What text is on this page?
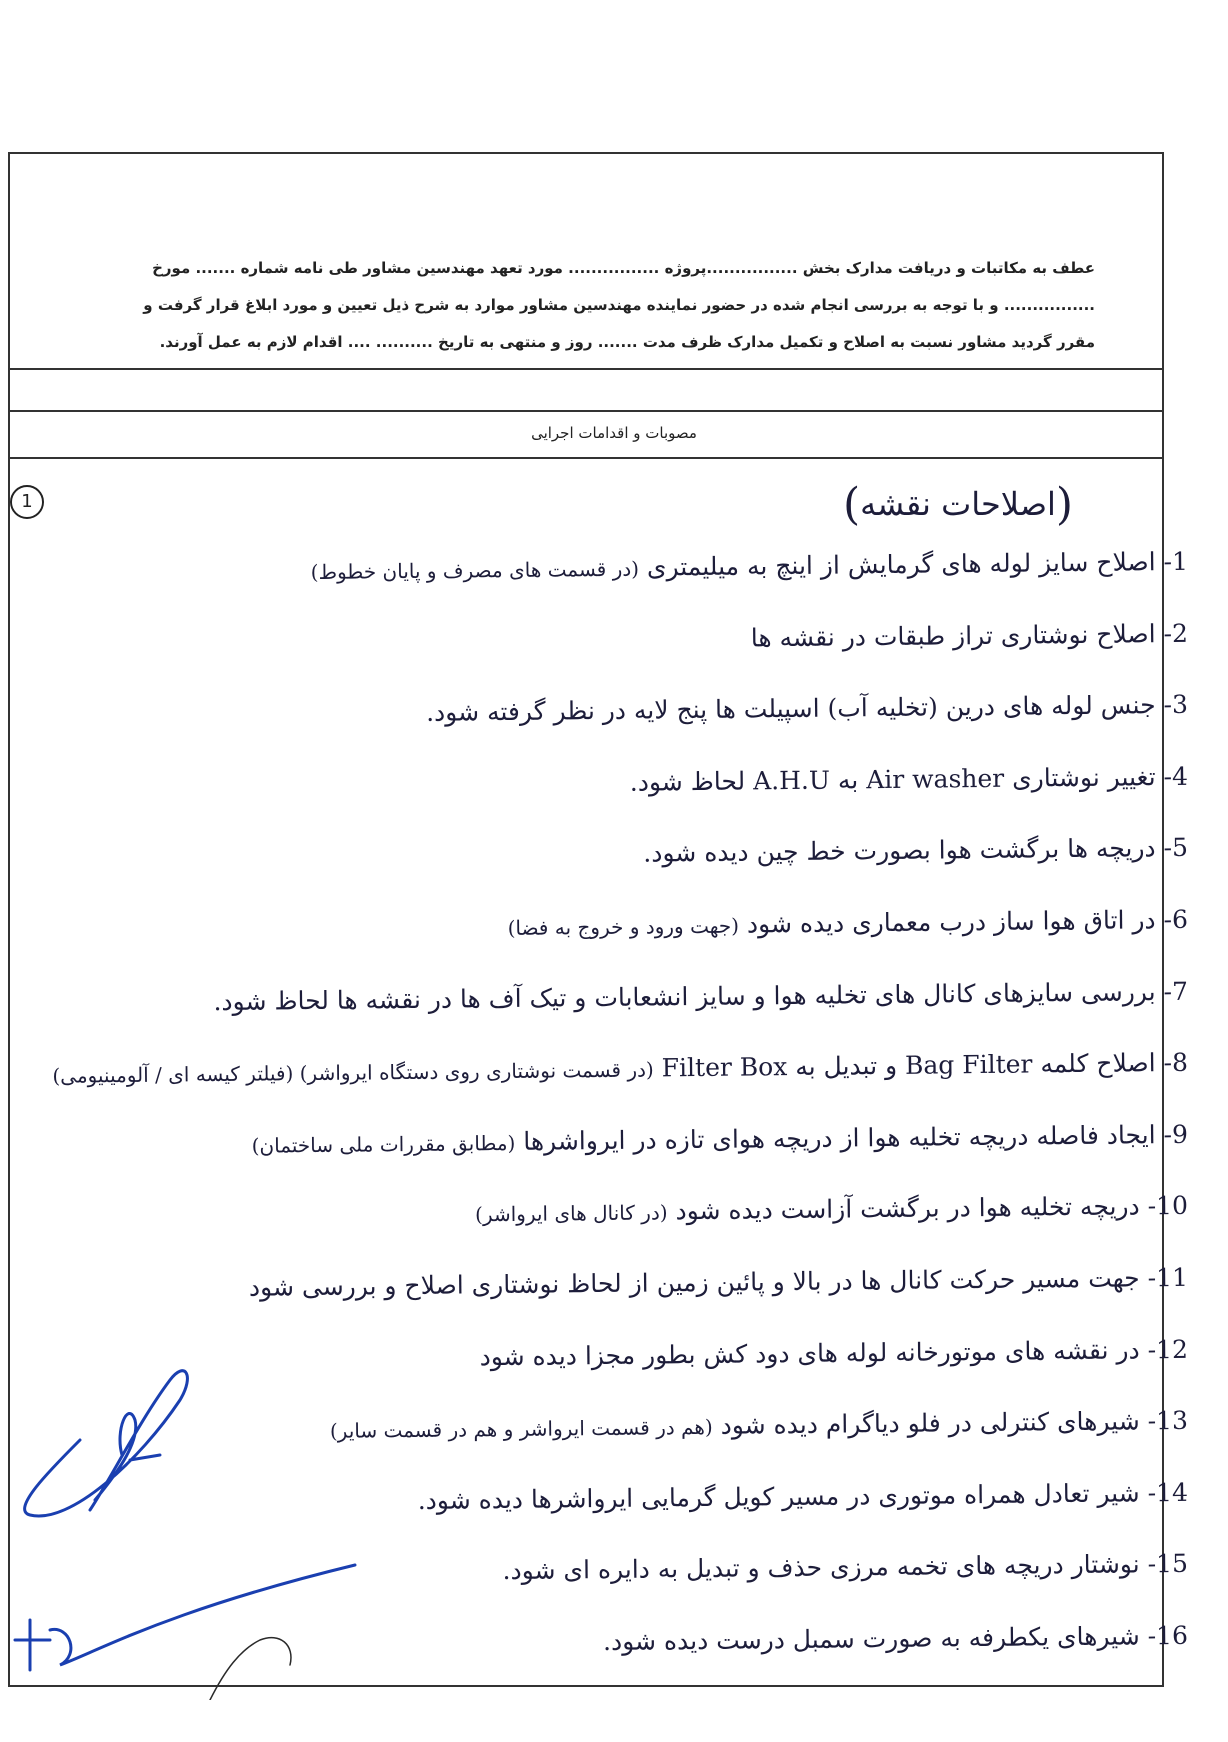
عطف به مکاتبات و دریافت مدارک بخش ................پروژه ................ مورد تعهد مهندسین مشاور طی نامه شماره ....... مورخ

................ و با توجه به بررسی انجام شده در حضور نماینده مهندسین مشاور موارد به شرح ذیل تعیین و مورد ابلاغ قرار گرفت و

مقرر گردید مشاور نسبت به اصلاح و تکمیل مدارک ظرف مدت ....... روز و منتهی به تاریخ .......... .... اقدام لازم به عمل آورند.

مصوبات و اقدامات اجرایی
1	(
اصلاحات نقشه
)
1- اصلاح سایز لوله های گرمایش از اینچ به میلیمتری (در قسمت های مصرف و پایان خطوط)
2- اصلاح نوشتاری تراز طبقات در نقشه ها
3- جنس لوله های درین (تخلیه آب) اسپیلت ها پنج لایه در نظر گرفته شود.
4- تغییر نوشتاری Air washer به A.H.U لحاظ شود.
5- دریچه ها برگشت هوا بصورت خط چین دیده شود.
6- در اتاق هوا ساز درب معماری دیده شود (جهت ورود و خروج به فضا)
7- بررسی سایزهای کانال های تخلیه هوا و سایز انشعابات و تیک آف ها در نقشه ها لحاظ شود.
8- اصلاح کلمه Bag Filter و تبدیل به Filter Box (در قسمت نوشتاری روی دستگاه ایرواشر) (فیلتر کیسه ای / آلومینیومی)
9- ایجاد فاصله دریچه تخلیه هوا از دریچه هوای تازه در ایرواشرها (مطابق مقررات ملی ساختمان)
10- دریچه تخلیه هوا در برگشت آزاست دیده شود (در کانال های ایرواشر)
11- جهت مسیر حرکت کانال ها در بالا و پائین زمین از لحاظ نوشتاری اصلاح و بررسی شود
12- در نقشه های موتورخانه لوله های دود کش بطور مجزا دیده شود
13- شیرهای کنترلی در فلو دیاگرام دیده شود (هم در قسمت ایرواشر و هم در قسمت سایر)
14- شیر تعادل همراه موتوری در مسیر کویل گرمایی ایرواشرها دیده شود.
15- نوشتار دریچه های تخمه مرزی حذف و تبدیل به دایره ای شود.
16- شیرهای یکطرفه به صورت سمبل درست دیده شود.
